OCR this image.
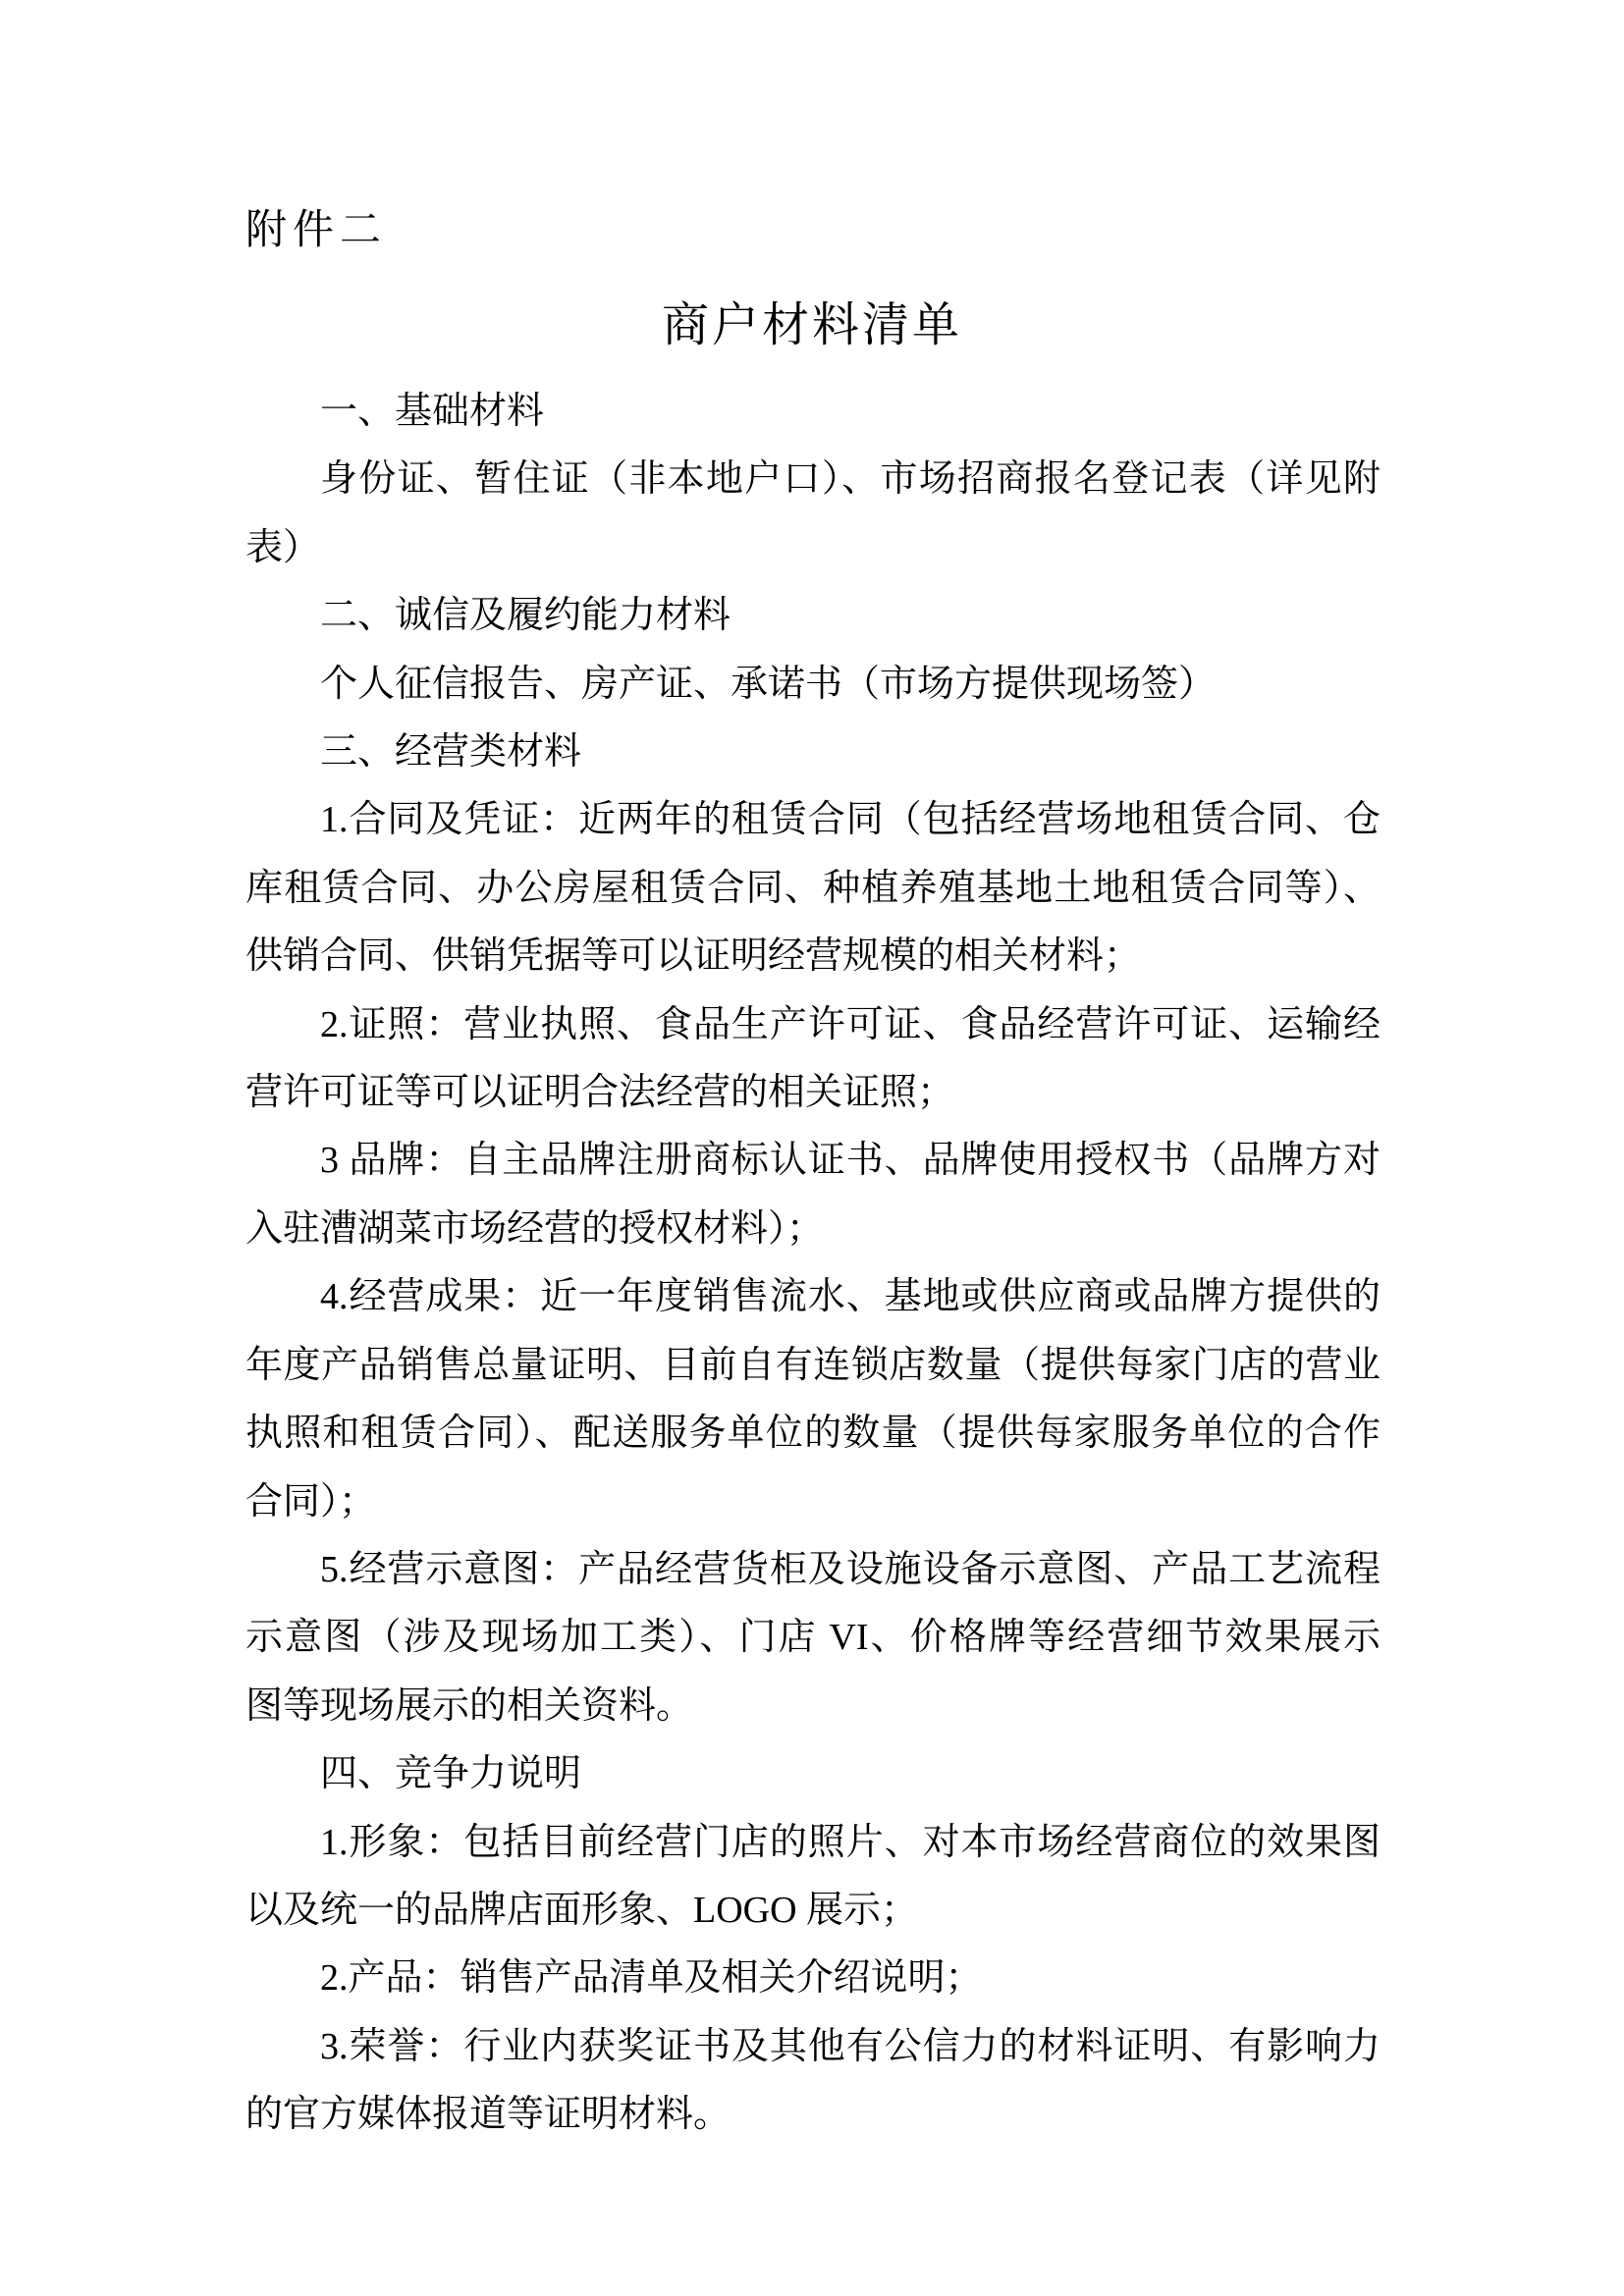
附件二
商户材料清单
一、基础材料
身份证、暂住证（非本地户口）、市场招商报名登记表（详见附
表）
二、诚信及履约能力材料
个人征信报告、房产证、承诺书（市场方提供现场签）
三、经营类材料
1.合同及凭证：近两年的租赁合同（包括经营场地租赁合同、仓
库租赁合同、办公房屋租赁合同、种植养殖基地土地租赁合同等）、
供销合同、供销凭据等可以证明经营规模的相关材料；
2.证照：营业执照、食品生产许可证、食品经营许可证、运输经
营许可证等可以证明合法经营的相关证照；
3 品牌：自主品牌注册商标认证书、品牌使用授权书（品牌方对
入驻漕湖菜市场经营的授权材料）；
4.经营成果：近一年度销售流水、基地或供应商或品牌方提供的
年度产品销售总量证明、目前自有连锁店数量（提供每家门店的营业
执照和租赁合同）、配送服务单位的数量（提供每家服务单位的合作
合同）；
5.经营示意图：产品经营货柜及设施设备示意图、产品工艺流程
示意图（涉及现场加工类）、门店 VI、价格牌等经营细节效果展示
图等现场展示的相关资料。
四、竞争力说明
1.形象：包括目前经营门店的照片、对本市场经营商位的效果图
以及统一的品牌店面形象、LOGO 展示；
2.产品：销售产品清单及相关介绍说明；
3.荣誉：行业内获奖证书及其他有公信力的材料证明、有影响力
的官方媒体报道等证明材料。
